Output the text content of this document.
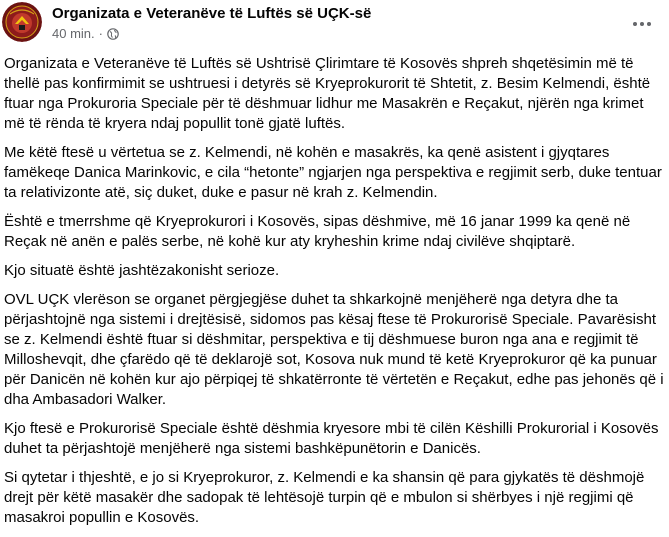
Organizata e Veteranëve të Luftës së UÇK-së
40 min. ·

Organizata e Veteranëve të Luftës së Ushtrisë Çlirimtare të Kosovës shpreh shqetësimin më të thellë pas konfirmimit se ushtruesi i detyrës së Kryeprokurorit të Shtetit, z. Besim Kelmendi, është ftuar nga Prokuroria Speciale për të dëshmuar lidhur me Masakrën e Reçakut, njërën nga krimet më të rënda të kryera ndaj popullit tonë gjatë luftës.

Me këtë ftesë u vërtetua se z. Kelmendi, në kohën e masakrës, ka qenë asistent i gjyqtares famëkeqe Danica Marinkovic, e cila “hetonte” ngjarjen nga perspektiva e regjimit serb, duke tentuar ta relativizonte atë, siç duket, duke e pasur në krah z. Kelmendin.

Është e tmerrshme që Kryeprokurori i Kosovës, sipas dëshmive, më 16 janar 1999 ka qenë në Reçak në anën e palës serbe, në kohë kur aty kryheshin krime ndaj civilëve shqiptarë.

Kjo situatë është jashtëzakonisht serioze.

OVL UÇK vlerëson se organet përgjegjëse duhet ta shkarkojnë menjëherë nga detyra dhe ta përjashtojnë nga sistemi i drejtësisë, sidomos pas kësaj ftese të Prokurorisë Speciale. Pavarësisht se z. Kelmendi është ftuar si dëshmitar, perspektiva e tij dëshmuese buron nga ana e regjimit të Milloshevqit, dhe çfarëdo që të deklarojë sot, Kosova nuk mund të ketë Kryeprokuror që ka punuar për Danicën në kohën kur ajo përpiqej të shkatërronte të vërtetën e Reçakut, edhe pas jehonës që i dha Ambasadori Walker.

Kjo ftesë e Prokurorisë Speciale është dëshmia kryesore mbi të cilën Këshilli Prokurorial i Kosovës duhet ta përjashtojë menjëherë nga sistemi bashkëpunëtorin e Danicës.

Si qytetar i thjeshtë, e jo si Kryeprokuror, z. Kelmendi e ka shansin që para gjykatës të dëshmojë drejt për këtë masakër dhe sadopak të lehtësojë turpin që e mbulon si shërbyes i një regjimi që masakroi popullin e Kosovës.
